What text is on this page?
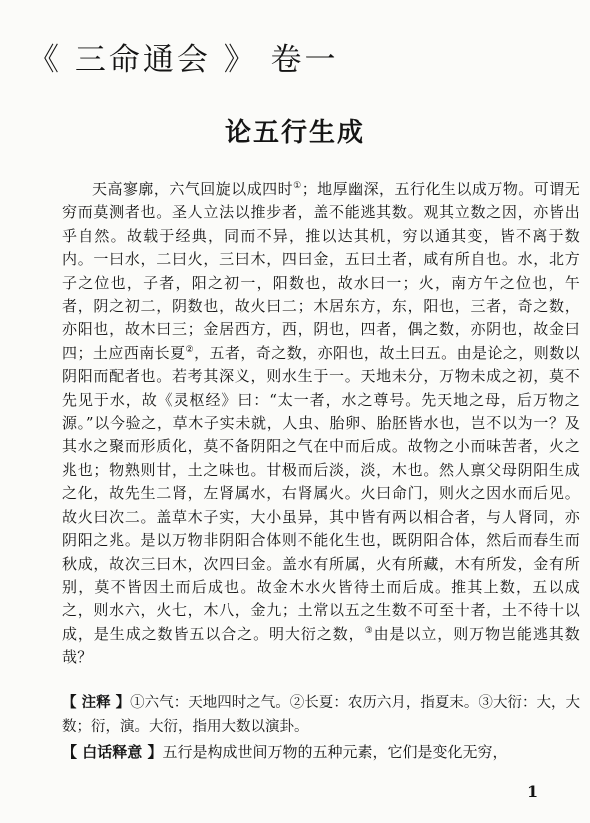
《 三命通会 》 卷一
论五行生成

天高寥廓，六气回旋以成四时①；地厚幽深，五行化生以成万物。可谓无穷而莫测者也。圣人立法以推步者，盖不能逃其数。观其立数之因，亦皆出乎自然。故载于经典，同而不异，推以达其机，穷以通其变，皆不离于数内。一曰水，二曰火，三曰木，四曰金，五曰土者，咸有所自也。水，北方子之位也，子者，阳之初一，阳数也，故水曰一；火，南方午之位也，午者，阴之初二，阴数也，故火曰二；木居东方，东，阳也，三者，奇之数，亦阳也，故木曰三；金居西方，西，阴也，四者，偶之数，亦阴也，故金曰四；土应西南长夏②，五者，奇之数，亦阳也，故土曰五。由是论之，则数以阴阳而配者也。若考其深义，则水生于一。天地未分，万物未成之初，莫不先见于水，故《灵枢经》曰：“太一者，水之尊号。先天地之母，后万物之源。”以今验之，草木子实未就，人虫、胎卵、胎胚皆水也，岂不以为一？及其水之聚而形质化，莫不备阴阳之气在中而后成。故物之小而味苦者，火之兆也；物熟则甘，土之味也。甘极而后淡，淡，木也。然人禀父母阴阳生成之化，故先生二肾，左肾属水，右肾属火。火曰命门，则火之因水而后见。故火曰次二。盖草木子实，大小虽异，其中皆有两以相合者，与人肾同，亦阴阳之兆。是以万物非阴阳合体则不能化生也，既阴阳合体，然后而春生而秋成，故次三曰木，次四曰金。盖水有所属，火有所藏，木有所发，金有所别，莫不皆因土而后成也。故金木水火皆待土而后成。推其上数，五以成之，则水六，火七，木八，金九；土常以五之生数不可至十者，土不待十以成，是生成之数皆五以合之。明大衍之数，③由是以立，则万物岂能逃其数哉？

【 注释 】①六气：天地四时之气。②长夏：农历六月，指夏末。③大衍：大，大数；衍，演。大衍，指用大数以演卦。

【 白话释意 】五行是构成世间万物的五种元素，它们是变化无穷，

1
